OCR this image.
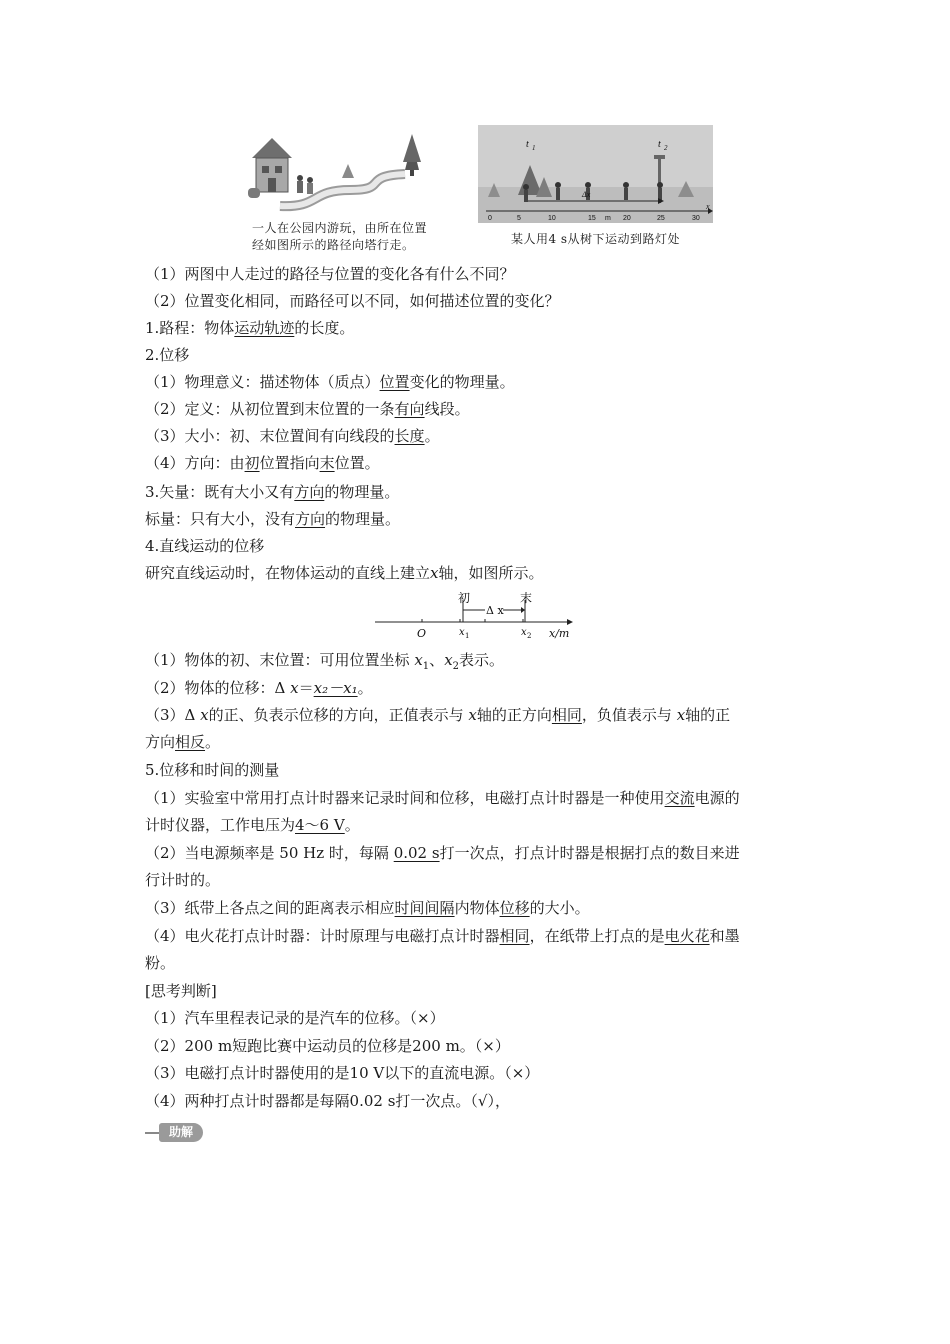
一人在公园内游玩，由所在位置
经如图所示的路径向塔行走。
t 1	t 2
Δx
x
0	5	10	15 m 20	25	30
某人用4 s从树下运动到路灯处
（1）两图中人走过的路径与位置的变化各有什么不同？
（2）位置变化相同，而路径可以不同，如何描述位置的变化？
1.路程：物体运动轨迹的长度。
2.位移
（1）物理意义：描述物体（质点）位置变化的物理量。
（2）定义：从初位置到末位置的一条有向线段。
（3）大小：初、末位置间有向线段的长度。
（4）方向：由初位置指向末位置。
3.矢量：既有大小又有方向的物理量。
标量：只有大小，没有方向的物理量。
4.直线运动的位移
研究直线运动时，在物体运动的直线上建立x轴，如图所示。
初	末
Δ x
O	x 1	x 2 x/m
（1）物体的初、末位置：可用位置坐标 $x_1$、$x_2$表示。
（2）物体的位移：Δ x＝x₂－x₁。
（3）Δ x的正、负表示位移的方向，正值表示与 x轴的正方向相同，负值表示与 x轴的正
方向相反。
5.位移和时间的测量
（1）实验室中常用打点计时器来记录时间和位移，电磁打点计时器是一种使用交流电源的
计时仪器，工作电压为4～6 V。
（2）当电源频率是 50 Hz 时，每隔 0.02 s打一次点，打点计时器是根据打点的数目来进
行计时的。
（3）纸带上各点之间的距离表示相应时间间隔内物体位移的大小。
（4）电火花打点计时器：计时原理与电磁打点计时器相同，在纸带上打点的是电火花和墨
粉。
[思考判断]
（1）汽车里程表记录的是汽车的位移。（×）
（2）200 m短跑比赛中运动员的位移是200 m。（×）
（3）电磁打点计时器使用的是10 V以下的直流电源。（×）
（4）两种打点计时器都是每隔0.02 s打一次点。（√），
助解
